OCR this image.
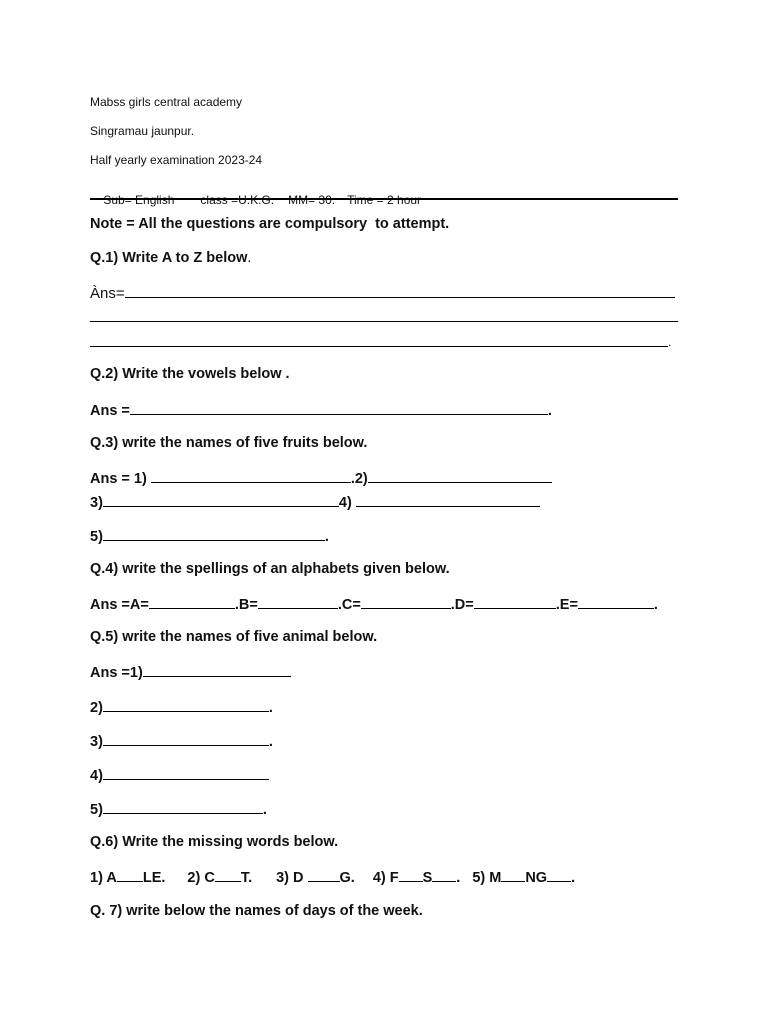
Mabss girls central academy
Singramau jaunpur.
Half yearly examination 2023-24

Sub= English class =U.K.G. MM= 30. Time = 2 hour

Note = All the questions are compulsory  to attempt.
Q.1) Write A to Z below.
Àns=
.
Q.2) Write the vowels below .
Ans =	.
Q.3) write the names of five fruits below.
Ans = 1)	.2)
3)	4)
5)	.
Q.4) write the spellings of an alphabets given below.
Ans =A=	.B=	.C=	.D=	.E=	.
Q.5) write the names of five animal below.
Ans =1)
2)	.
3)	.
4)
5)	.
Q.6) Write the missing words below.
1) A LE. 2) C T. 3) D G. 4) F S . 5) M NG .
Q. 7) write below the names of days of the week.
